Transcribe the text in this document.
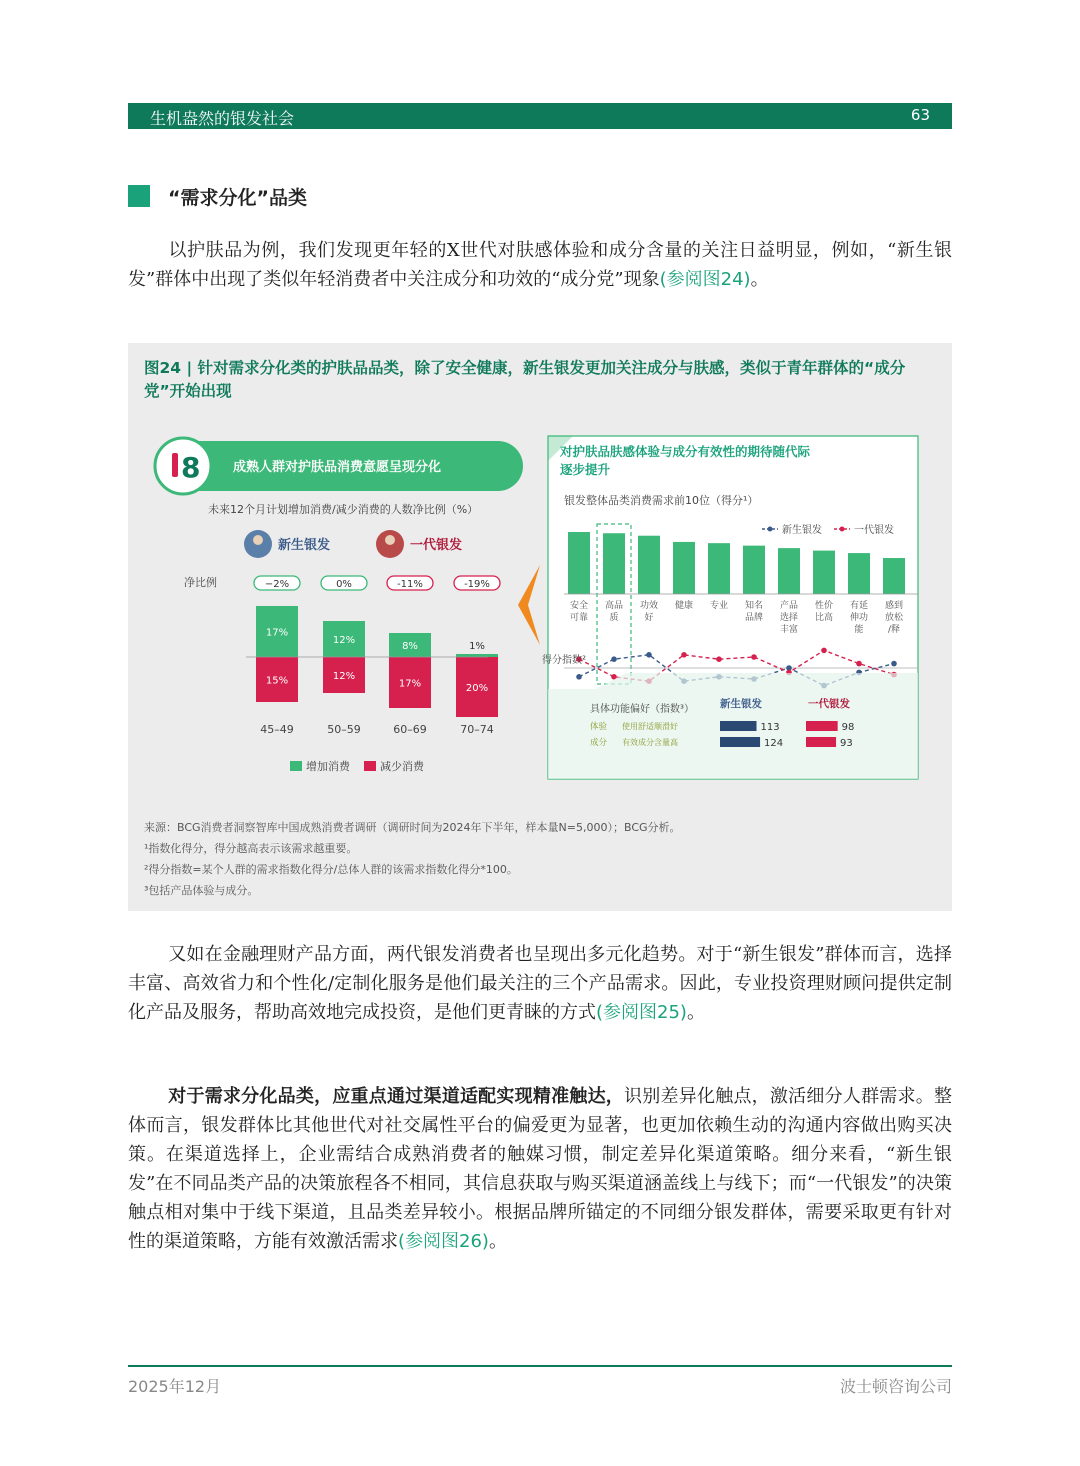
生机盎然的银发社会	63
“需求分化”品类
以护肤品为例，我们发现更年轻的X世代对肤感体验和成分含量的关注日益明显，例如，“新生银发”群体中出现了类似年轻消费者中关注成分和功效的“成分党”现象(参阅图24)。
图24 | 针对需求分化类的护肤品品类，除了安全健康，新生银发更加关注成分与肤感，类似于青年群体的“成分党”开始出现
8	成熟人群对护肤品消费意愿呈现分化
未来12个月计划增加消费/减少消费的人数净比例（%）
新生银发	一代银发
净比例	−2%
17%
15%
45–49
0%
12%
12%
50–59
-11%
8%
17%
60–69
-19%
1%
20%
70–74
增加消费	减少消费
对护肤品肤感体验与成分有效性的期待随代际
逐步提升
银发整体品类消费需求前10位（得分¹）
新生银发	一代银发
安全
可靠
高品
质
功效
好
健康 专业 知名
品牌
产品
选择
丰富
性价
比高
有延
伸功
能
感到
放松
/释
得分指数²
具体功能偏好（指数³） 新生银发	一代银发
体验 使用舒适顺滑好	113	98
成分 有效成分含量高	124	93
来源：BCG消费者洞察智库中国成熟消费者调研（调研时间为2024年下半年，样本量N=5,000）；BCG分析。
¹指数化得分，得分越高表示该需求越重要。
²得分指数=某个人群的需求指数化得分/总体人群的该需求指数化得分*100。
³包括产品体验与成分。
又如在金融理财产品方面，两代银发消费者也呈现出多元化趋势。对于“新生银发”群体而言，选择丰富、高效省力和个性化/定制化服务是他们最关注的三个产品需求。因此，专业投资理财顾问提供定制化产品及服务，帮助高效地完成投资，是他们更青睐的方式(参阅图25)。
对于需求分化品类，应重点通过渠道适配实现精准触达，识别差异化触点，激活细分人群需求。整体而言，银发群体比其他世代对社交属性平台的偏爱更为显著，也更加依赖生动的沟通内容做出购买决策。在渠道选择上，企业需结合成熟消费者的触媒习惯，制定差异化渠道策略。细分来看，“新生银发”在不同品类产品的决策旅程各不相同，其信息获取与购买渠道涵盖线上与线下；而“一代银发”的决策触点相对集中于线下渠道，且品类差异较小。根据品牌所锚定的不同细分银发群体，需要采取更有针对性的渠道策略，方能有效激活需求(参阅图26)。
2025年12月	波士顿咨询公司
